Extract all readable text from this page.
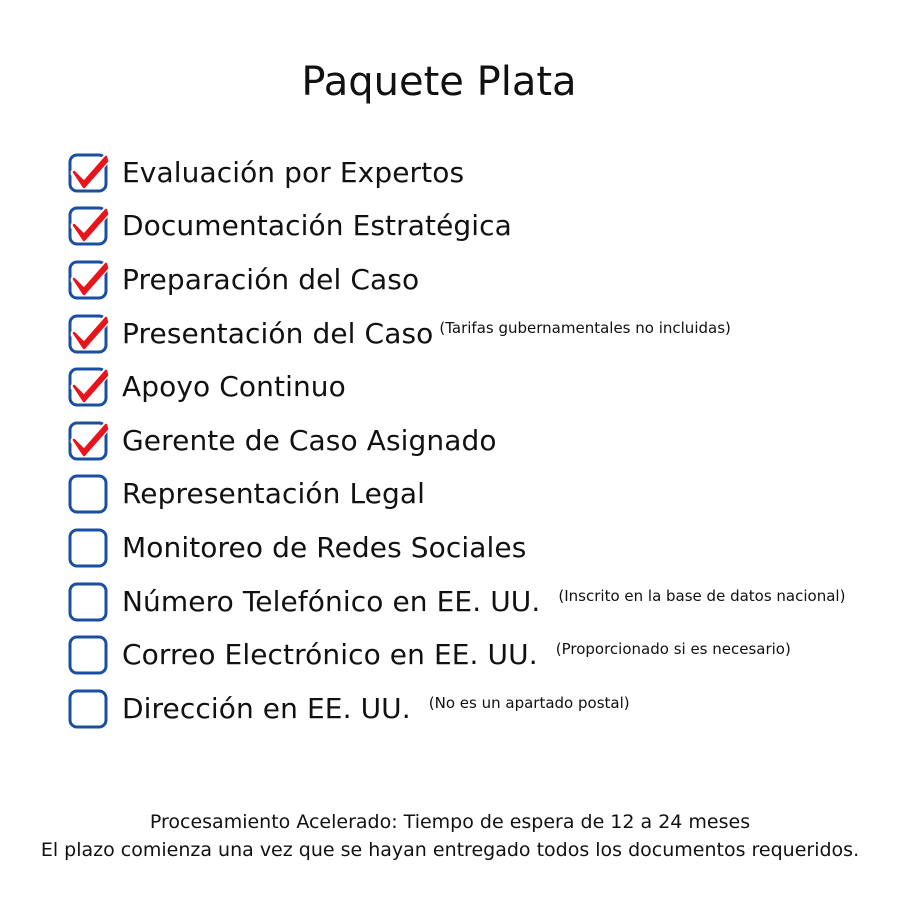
Paquete Plata
Evaluación por Expertos
Documentación Estratégica
Preparación del Caso
Presentación del Caso (Tarifas gubernamentales no incluidas)
Apoyo Continuo
Gerente de Caso Asignado
Representación Legal
Monitoreo de Redes Sociales
Número Telefónico en EE. UU. (Inscrito en la base de datos nacional)
Correo Electrónico en EE. UU. (Proporcionado si es necesario)
Dirección en EE. UU. (No es un apartado postal)
Procesamiento Acelerado: Tiempo de espera de 12 a 24 meses
El plazo comienza una vez que se hayan entregado todos los documentos requeridos.
